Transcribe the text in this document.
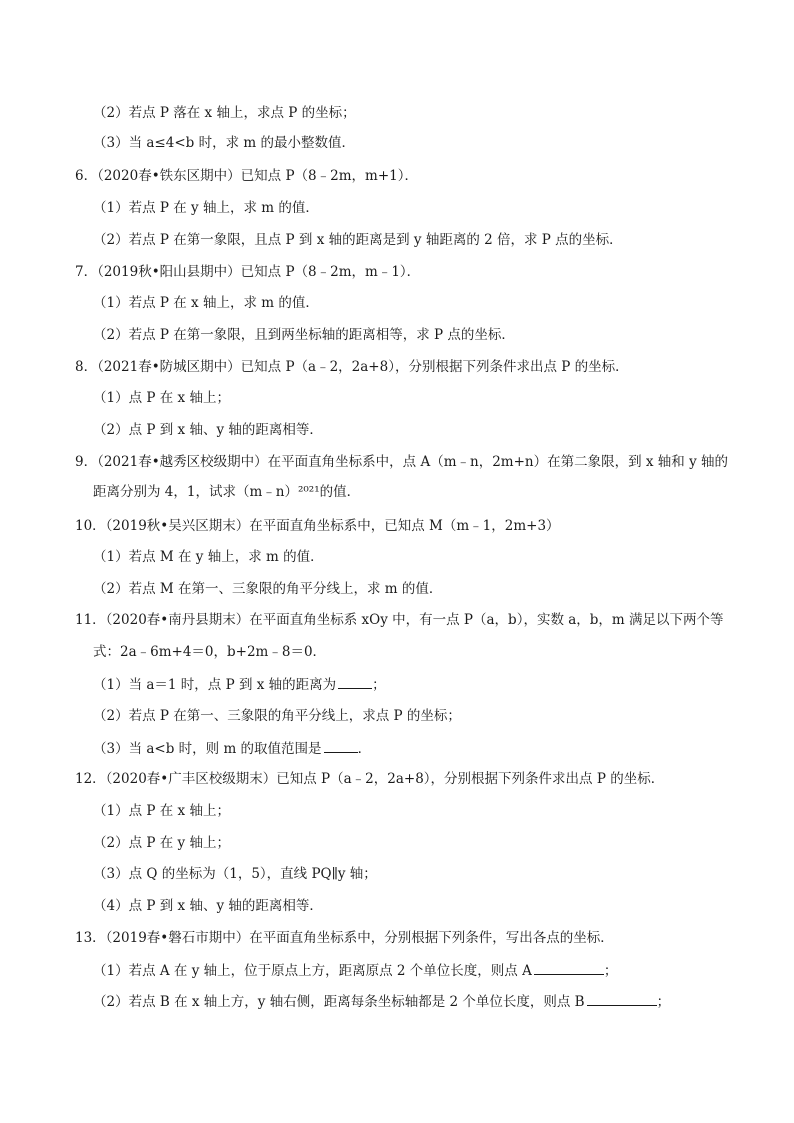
（2）若点 P 落在 x 轴上，求点 P 的坐标；
（3）当 a≤4<b 时，求 m 的最小整数值．
6．（2020春•铁东区期中）已知点 P（8﹣2m，m+1）．
（1）若点 P 在 y 轴上，求 m 的值．
（2）若点 P 在第一象限，且点 P 到 x 轴的距离是到 y 轴距离的 2 倍，求 P 点的坐标．
7．（2019秋•阳山县期中）已知点 P（8﹣2m，m﹣1）．
（1）若点 P 在 x 轴上，求 m 的值．
（2）若点 P 在第一象限，且到两坐标轴的距离相等，求 P 点的坐标．
8．（2021春•防城区期中）已知点 P（a﹣2，2a+8），分别根据下列条件求出点 P 的坐标．
（1）点 P 在 x 轴上；
（2）点 P 到 x 轴、y 轴的距离相等．
9．（2021春•越秀区校级期中）在平面直角坐标系中，点 A（m﹣n，2m+n）在第二象限，到 x 轴和 y 轴的
距离分别为 4，1，试求（m﹣n）²⁰²¹的值．
10．（2019秋•吴兴区期末）在平面直角坐标系中，已知点 M（m﹣1，2m+3）
（1）若点 M 在 y 轴上，求 m 的值．
（2）若点 M 在第一、三象限的角平分线上，求 m 的值．
11．（2020春•南丹县期末）在平面直角坐标系 xOy 中，有一点 P（a，b），实数 a，b，m 满足以下两个等
式：2a﹣6m+4＝0，b+2m﹣8＝0．
（1）当 a＝1 时，点 P 到 x 轴的距离为	；
（2）若点 P 在第一、三象限的角平分线上，求点 P 的坐标；
（3）当 a<b 时，则 m 的取值范围是	．
12．（2020春•广丰区校级期末）已知点 P（a﹣2，2a+8），分别根据下列条件求出点 P 的坐标．
（1）点 P 在 x 轴上；
（2）点 P 在 y 轴上；
（3）点 Q 的坐标为（1，5），直线 PQ∥y 轴；
（4）点 P 到 x 轴、y 轴的距离相等．
13．（2019春•磐石市期中）在平面直角坐标系中，分别根据下列条件，写出各点的坐标．
（1）若点 A 在 y 轴上，位于原点上方，距离原点 2 个单位长度，则点 A	；
（2）若点 B 在 x 轴上方，y 轴右侧，距离每条坐标轴都是 2 个单位长度，则点 B	；
